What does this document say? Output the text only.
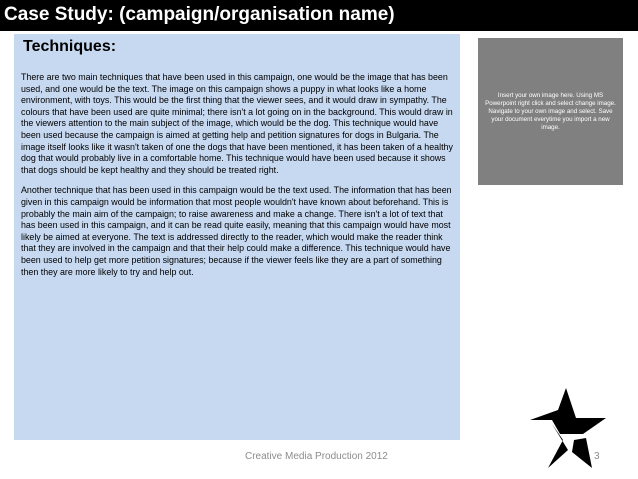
Case Study: (campaign/organisation name)
Techniques:

There are two main techniques that have been used in this campaign, one would be the image that has been used, and one would be the text. The image on this campaign shows a puppy in what looks like a home environment, with toys. This would be the first thing that the viewer sees, and it would draw in sympathy. The colours that have been used are quite minimal; there isn't a lot going on in the background. This would draw in the viewers attention to the main subject of the image, which would be the dog. This technique would have been used because the campaign is aimed at getting help and petition signatures for dogs in Bulgaria. The image itself looks like it wasn't taken of one the dogs that have been mentioned, it has been taken of a healthy dog that would probably live in a comfortable home. This technique would have been used because it shows that dogs should be kept healthy and they should be treated right.

Another technique that has been used in this campaign would be the text used. The information that has been given in this campaign would be information that most people wouldn't have known about beforehand. This is probably the main aim of the campaign; to raise awareness and make a change. There isn't a lot of text that has been used in this campaign, and it can be read quite easily, meaning that this campaign would have most likely be aimed at everyone. The text is addressed directly to the reader, which would make the reader think that they are involved in the campaign and that their help could make a difference. This technique would have been used to help get more petition signatures; because if the viewer feels like they are a part of something then they are more likely to try and help out.

Insert your own image here. Using MS Powerpoint right click and select change image. Navigate to your own image and select. Save your document everytime you import a new image.
Creative Media Production 2012	3
